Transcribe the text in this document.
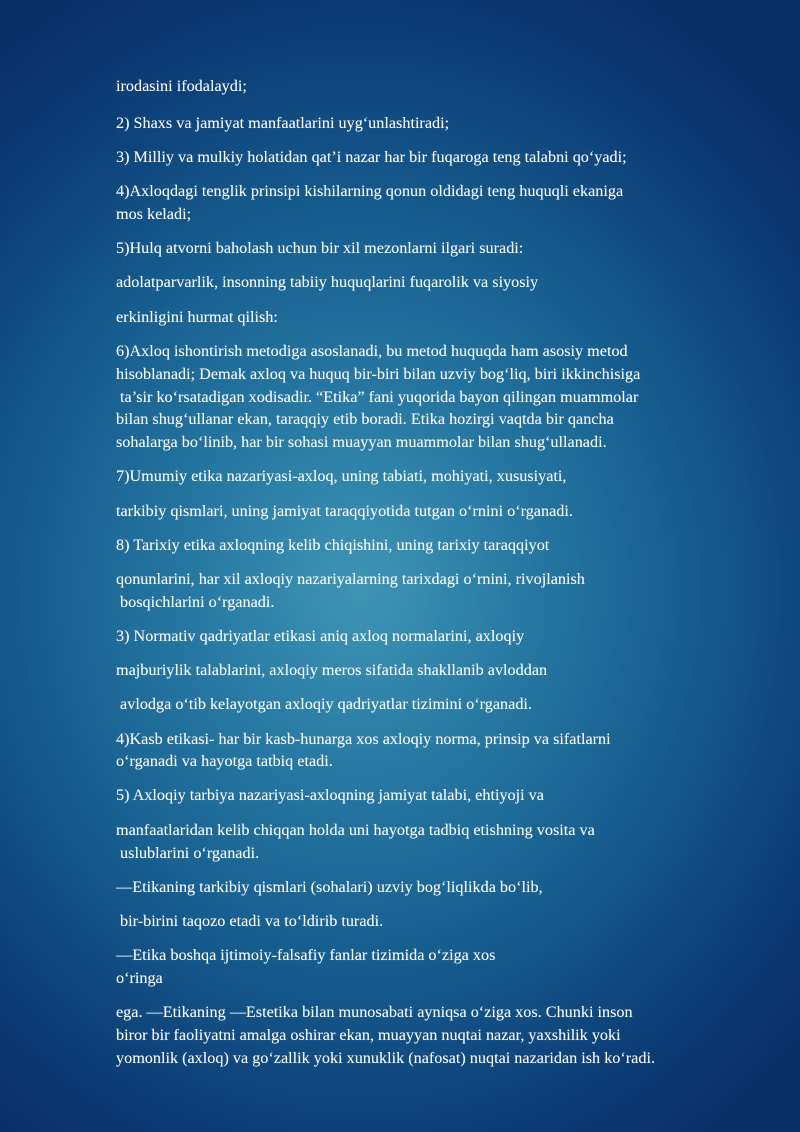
irodasini ifodalaydi;
2) Shaxs va jamiyat manfaatlarini uyg‘unlashtiradi;
3) Milliy va mulkiy holatidan qat’i nazar har bir fuqaroga teng talabni qo‘yadi;
4)Axloqdagi tenglik prinsipi kishilarning qonun oldidagi teng huquqli ekaniga
mos keladi;
5)Hulq atvorni baholash uchun bir xil mezonlarni ilgari suradi:
adolatparvarlik, insonning tabiiy huquqlarini fuqarolik va siyosiy
erkinligini hurmat qilish:
6)Axloq ishontirish metodiga asoslanadi, bu metod huquqda ham asosiy metod
hisoblanadi; Demak axloq va huquq bir-biri bilan uzviy bog‘liq, biri ikkinchisiga
ta’sir ko‘rsatadigan xodisadir. “Etika” fani yuqorida bayon qilingan muammolar
bilan shug‘ullanar ekan, taraqqiy etib boradi. Etika hozirgi vaqtda bir qancha
sohalarga bo‘linib, har bir sohasi muayyan muammolar bilan shug‘ullanadi.
7)Umumiy etika nazariyasi-axloq, uning tabiati, mohiyati, xususiyati,
tarkibiy qismlari, uning jamiyat taraqqiyotida tutgan o‘rnini o‘rganadi.
8) Tarixiy etika axloqning kelib chiqishini, uning tarixiy taraqqiyot
qonunlarini, har xil axloqiy nazariyalarning tarixdagi o‘rnini, rivojlanish
bosqichlarini o‘rganadi.
3) Normativ qadriyatlar etikasi aniq axloq normalarini, axloqiy
majburiylik talablarini, axloqiy meros sifatida shakllanib avloddan
avlodga o‘tib kelayotgan axloqiy qadriyatlar tizimini o‘rganadi.
4)Kasb etikasi- har bir kasb-hunarga xos axloqiy norma, prinsip va sifatlarni
o‘rganadi va hayotga tatbiq etadi.
5) Axloqiy tarbiya nazariyasi-axloqning jamiyat talabi, ehtiyoji va
manfaatlaridan kelib chiqqan holda uni hayotga tadbiq etishning vosita va
uslublarini o‘rganadi.
―Etikaning tarkibiy qismlari (sohalari) uzviy bog‘liqlikda bo‘lib,
bir-birini taqozo etadi va to‘ldirib turadi.
―Etika boshqa ijtimoiy-falsafiy fanlar tizimida o‘ziga xos
o‘ringa
ega. ―Etikaning ―Estetika bilan munosabati ayniqsa o‘ziga xos. Chunki inson
biror bir faoliyatni amalga oshirar ekan, muayyan nuqtai nazar, yaxshilik yoki
yomonlik (axloq) va go‘zallik yoki xunuklik (nafosat) nuqtai nazaridan ish ko‘radi.
